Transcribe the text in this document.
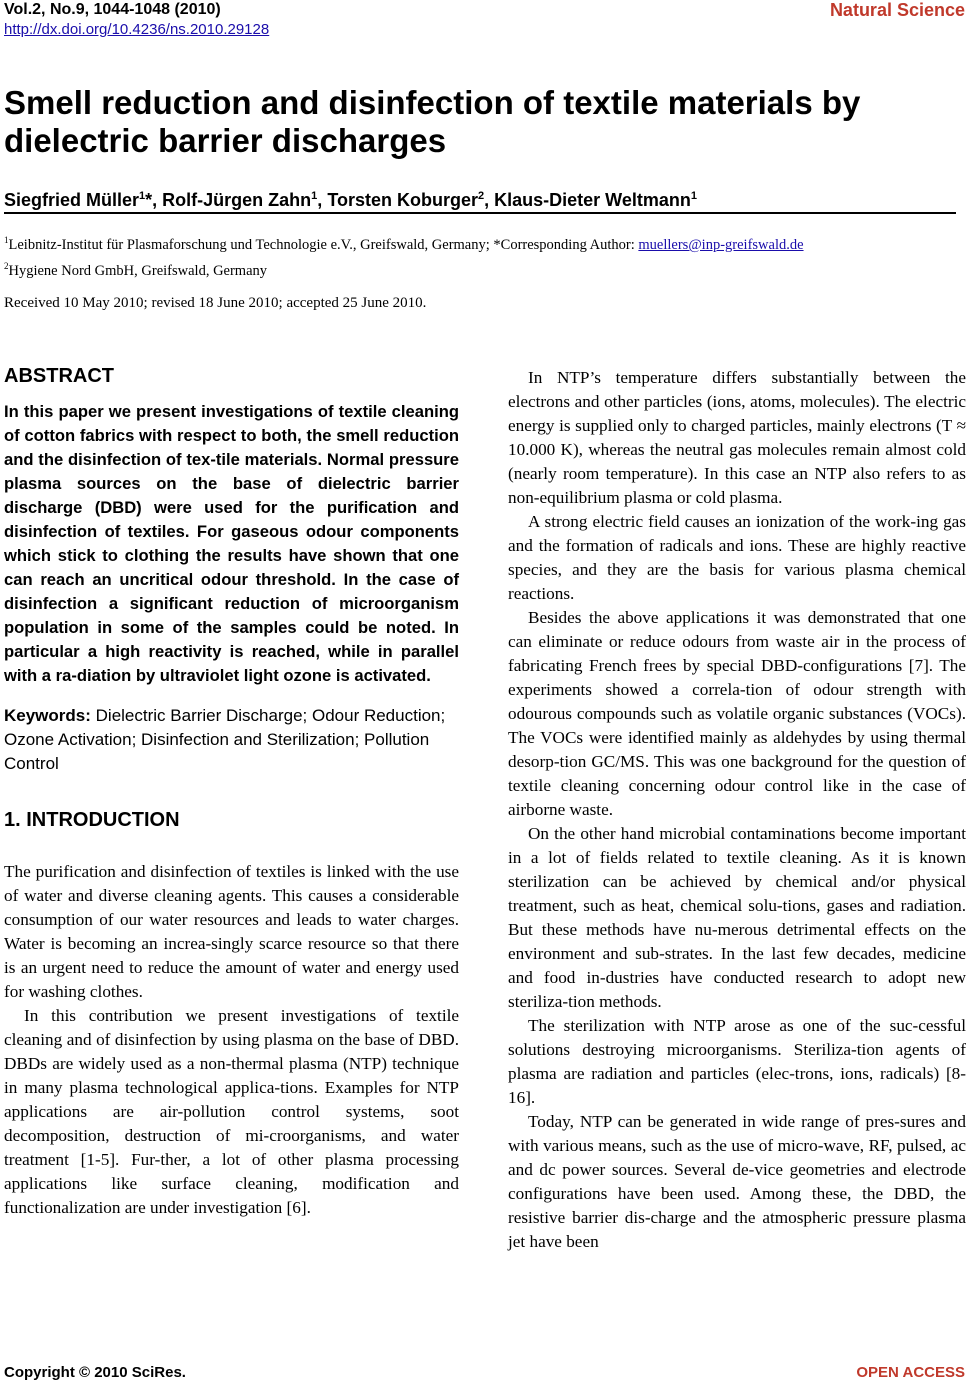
Vol.2, No.9, 1044-1048 (2010)
http://dx.doi.org/10.4236/ns.2010.29128
Natural Science
Smell reduction and disinfection of textile materials by dielectric barrier discharges
Siegfried Müller$^1$*, Rolf-Jürgen Zahn$^1$, Torsten Koburger$^2$, Klaus-Dieter Weltmann$^1$
$^1$Leibnitz-Institut für Plasmaforschung und Technologie e.V., Greifswald, Germany; *Corresponding Author: muellers@inp-greifswald.de
$^2$Hygiene Nord GmbH, Greifswald, Germany
Received 10 May 2010; revised 18 June 2010; accepted 25 June 2010.
ABSTRACT

In this paper we present investigations of textile cleaning of cotton fabrics with respect to both, the smell reduction and the disinfection of tex-tile materials. Normal pressure plasma sources on the base of dielectric barrier discharge (DBD) were used for the purification and disinfection of textiles. For gaseous odour components which stick to clothing the results have shown that one can reach an uncritical odour threshold. In the case of disinfection a significant reduction of microorganism population in some of the samples could be noted. In particular a high reactivity is reached, while in parallel with a ra-diation by ultraviolet light ozone is activated.

Keywords: Dielectric Barrier Discharge; Odour Reduction; Ozone Activation; Disinfection and Sterilization; Pollution Control

1. INTRODUCTION

The purification and disinfection of textiles is linked with the use of water and diverse cleaning agents. This causes a considerable consumption of our water resources and leads to water charges. Water is becoming an increa-singly scarce resource so that there is an urgent need to reduce the amount of water and energy used for washing clothes.

In this contribution we present investigations of textile cleaning and of disinfection by using plasma on the base of DBD. DBDs are widely used as a non-thermal plasma (NTP) technique in many plasma technological applica-tions. Examples for NTP applications are air-pollution control systems, soot decomposition, destruction of mi-croorganisms, and water treatment [1-5]. Fur-ther, a lot of other plasma processing applications like surface cleaning, modification and functionalization are under investigation [6].

In NTP’s temperature differs substantially between the electrons and other particles (ions, atoms, molecules). The electric energy is supplied only to charged particles, mainly electrons (T ≈ 10.000 K), whereas the neutral gas molecules remain almost cold (nearly room temperature). In this case an NTP also refers to as non-equilibrium plasma or cold plasma.

A strong electric field causes an ionization of the work-ing gas and the formation of radicals and ions. These are highly reactive species, and they are the basis for various plasma chemical reactions.

Besides the above applications it was demonstrated that one can eliminate or reduce odours from waste air in the process of fabricating French frees by special DBD-configurations [7]. The experiments showed a correla-tion of odour strength with odourous compounds such as volatile organic substances (VOCs). The VOCs were identified mainly as aldehydes by using thermal desorp-tion GC/MS. This was one background for the question of textile cleaning concerning odour control like in the case of airborne waste.

On the other hand microbial contaminations become important in a lot of fields related to textile cleaning. As it is known sterilization can be achieved by chemical and/or physical treatment, such as heat, chemical solu-tions, gases and radiation. But these methods have nu-merous detrimental effects on the environment and sub-strates. In the last few decades, medicine and food in-dustries have conducted research to adopt new steriliza-tion methods.

The sterilization with NTP arose as one of the suc-cessful solutions destroying microorganisms. Steriliza-tion agents of plasma are radiation and particles (elec-trons, ions, radicals) [8-16].

Today, NTP can be generated in wide range of pres-sures and with various means, such as the use of micro-wave, RF, pulsed, ac and dc power sources. Several de-vice geometries and electrode configurations have been used. Among these, the DBD, the resistive barrier dis-charge and the atmospheric pressure plasma jet have been

Copyright © 2010 SciRes.	OPEN ACCESS
